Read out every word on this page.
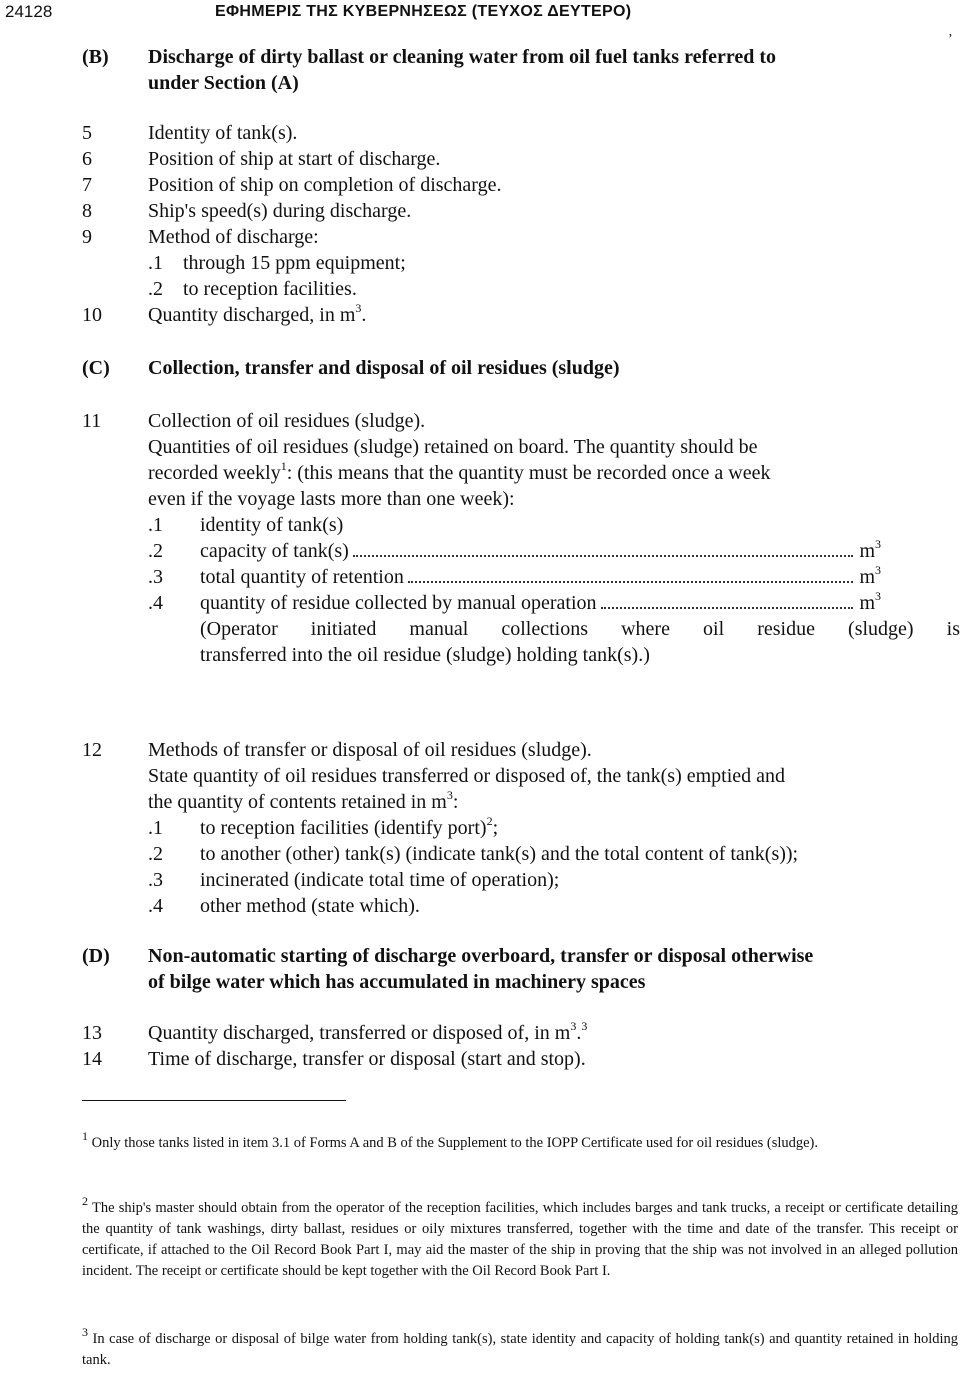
24128	ΕΦΗΜΕΡΙΣ ΤΗΣ ΚΥΒΕΡΝΗΣΕΩΣ (ΤΕΥΧΟΣ ΔΕΥΤΕΡΟ)
ʼ
(B) Discharge of dirty ballast or cleaning water from oil fuel tanks referred to
under Section (A)
5	Identity of tank(s).
6	Position of ship at start of discharge.
7	Position of ship on completion of discharge.
8	Ship's speed(s) during discharge.
9	Method of discharge:
.1 through 15 ppm equipment;
.2 to reception facilities.
10 Quantity discharged, in $m^3$.
(C) Collection, transfer and disposal of oil residues (sludge)
11 Collection of oil residues (sludge).
Quantities of oil residues (sludge) retained on board. The quantity should be
recorded weekly$^1$: (this means that the quantity must be recorded once a week
even if the voyage lasts more than one week):
.1 identity of tank(s)
.2 capacity of tank(s)	$m^3$
.3 total quantity of retention	$m^3$
.4 quantity of residue collected by manual operation	$m^3$
(Operator initiated manual collections where oil residue (sludge) is
transferred into the oil residue (sludge) holding tank(s).)
12 Methods of transfer or disposal of oil residues (sludge).
State quantity of oil residues transferred or disposed of, the tank(s) emptied and
the quantity of contents retained in $m^3$:
.1 to reception facilities (identify port)$^2$;
.2 to another (other) tank(s) (indicate tank(s) and the total content of tank(s));
.3 incinerated (indicate total time of operation);
.4 other method (state which).
(D) Non-automatic starting of discharge overboard, transfer or disposal otherwise
of bilge water which has accumulated in machinery spaces
13 Quantity discharged, transferred or disposed of, in $m^3.^3$
14 Time of discharge, transfer or disposal (start and stop).
$^1$ Only those tanks listed in item 3.1 of Forms A and B of the Supplement to the IOPP Certificate used for oil residues (sludge).
$^2$ The ship's master should obtain from the operator of the reception facilities, which includes barges and tank trucks, a receipt or certificate detailing the quantity of tank washings, dirty ballast, residues or oily mixtures transferred, together with the time and date of the transfer. This receipt or certificate, if attached to the Oil Record Book Part I, may aid the master of the ship in proving that the ship was not involved in an alleged pollution incident. The receipt or certificate should be kept together with the Oil Record Book Part I.
$^3$ In case of discharge or disposal of bilge water from holding tank(s), state identity and capacity of holding tank(s) and quantity retained in holding tank.
